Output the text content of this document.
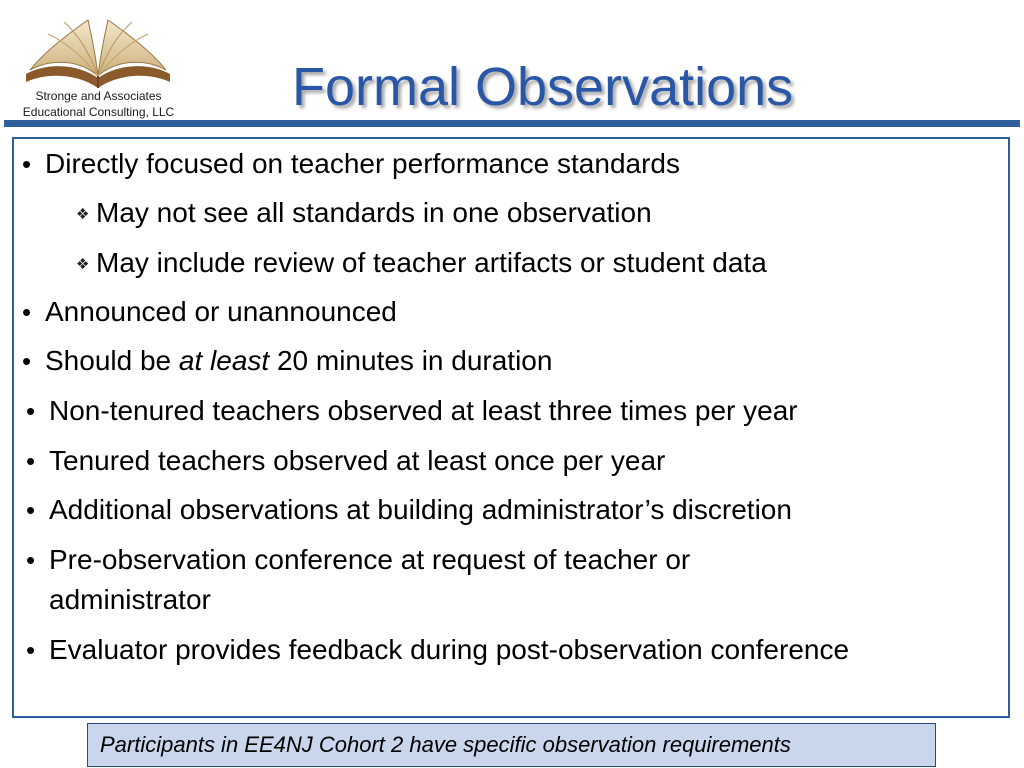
Stronge and Associates Educational Consulting, LLC	Formal Observations
• Directly focused on teacher performance standards
❖ May not see all standards in one observation
❖ May include review of teacher artifacts or student data
• Announced or unannounced
• Should be at least 20 minutes in duration
• Non-tenured teachers observed at least three times per year
• Tenured teachers observed at least once per year
• Additional observations at building administrator’s discretion
• Pre-observation conference at request of teacher or administrator
• Evaluator provides feedback during post-observation conference
Participants in EE4NJ Cohort 2 have specific observation requirements
